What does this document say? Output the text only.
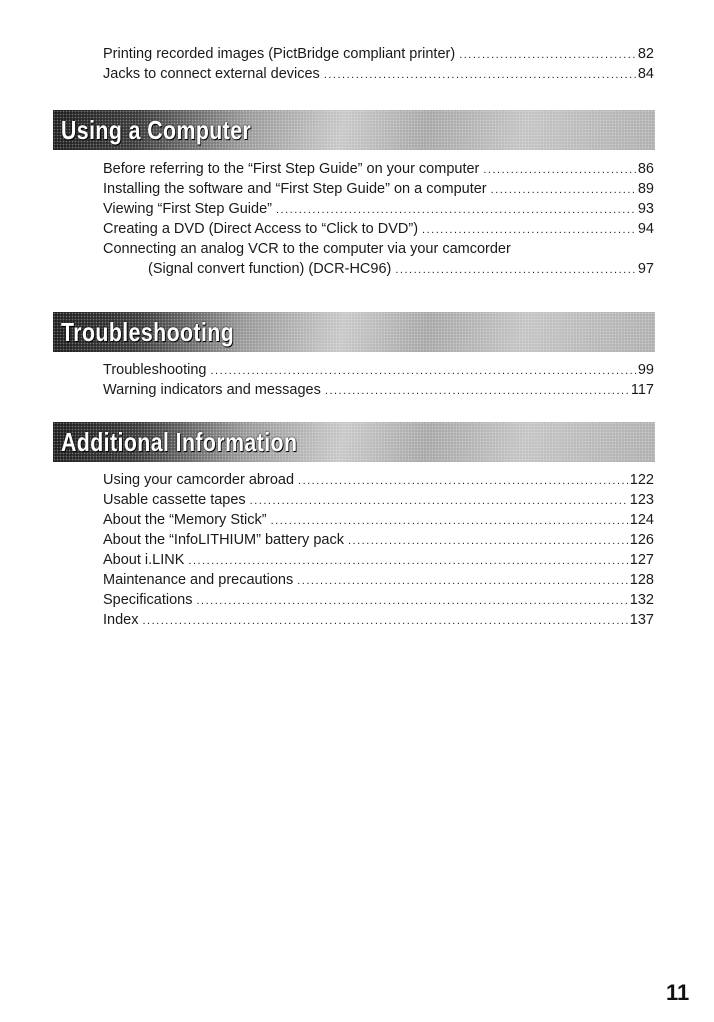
Printing recorded images (PictBridge compliant printer) .....	82
Jacks to connect external devices .....	84
Using a Computer
Before referring to the “First Step Guide” on your computer .....	86
Installing the software and “First Step Guide” on a computer .....	89
Viewing “First Step Guide” .....	93
Creating a DVD (Direct Access to “Click to DVD”) .....	94
Connecting an analog VCR to the computer via your camcorder
(Signal convert function) (DCR-HC96) .....	97
Troubleshooting
Troubleshooting .....	99
Warning indicators and messages .....	117
Additional Information
Using your camcorder abroad .....	122
Usable cassette tapes .....	123
About the “Memory Stick” .....	124
About the “InfoLITHIUM” battery pack .....	126
About i.LINK .....	127
Maintenance and precautions .....	128
Specifications .....	132
Index .....	137
11
